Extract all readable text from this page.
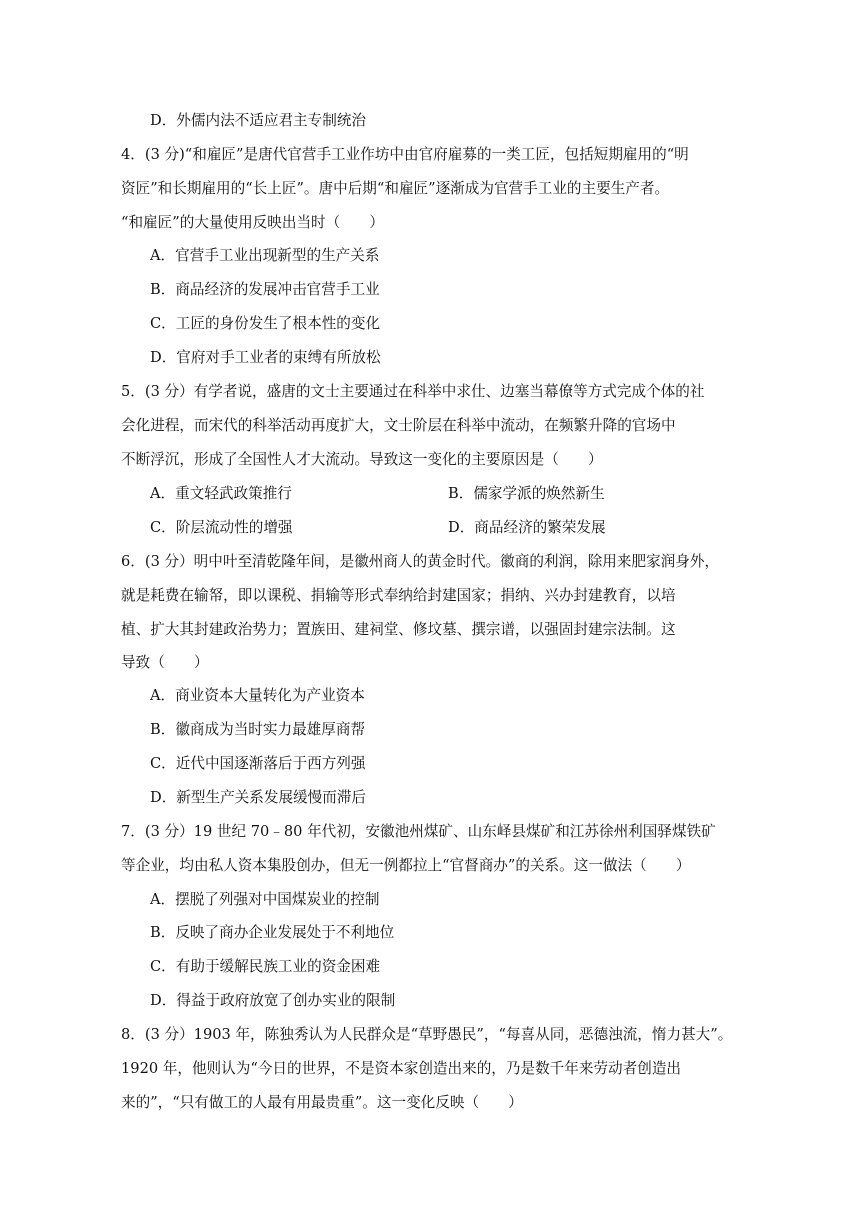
D．外儒内法不适应君主专制统治
4．(3 分)“和雇匠”是唐代官营手工业作坊中由官府雇募的一类工匠，包括短期雇用的“明
资匠”和长期雇用的“长上匠”。唐中后期“和雇匠”逐渐成为官营手工业的主要生产者。
“和雇匠”的大量使用反映出当时（　　）
A．官营手工业出现新型的生产关系
B．商品经济的发展冲击官营手工业
C．工匠的身份发生了根本性的变化
D．官府对手工业者的束缚有所放松
5．(3 分）有学者说，盛唐的文士主要通过在科举中求仕、边塞当幕僚等方式完成个体的社
会化进程，而宋代的科举活动再度扩大，文士阶层在科举中流动，在频繁升降的官场中
不断浮沉，形成了全国性人才大流动。导致这一变化的主要原因是（　　）
A．重文轻武政策推行	B．儒家学派的焕然新生
C．阶层流动性的增强	D．商品经济的繁荣发展
6．(3 分）明中叶至清乾隆年间，是徽州商人的黄金时代。徽商的利润，除用来肥家润身外，
就是耗费在输帑，即以课税、捐输等形式奉纳给封建国家；捐纳、兴办封建教育，以培
植、扩大其封建政治势力；置族田、建祠堂、修坟墓、撰宗谱，以强固封建宗法制。这
导致（　　）
A．商业资本大量转化为产业资本
B．徽商成为当时实力最雄厚商帮
C．近代中国逐渐落后于西方列强
D．新型生产关系发展缓慢而滞后
7．(3 分）19 世纪 70﹣80 年代初，安徽池州煤矿、山东峄县煤矿和江苏徐州利国驿煤铁矿
等企业，均由私人资本集股创办，但无一例都拉上“官督商办”的关系。这一做法（　　）
A．摆脱了列强对中国煤炭业的控制
B．反映了商办企业发展处于不利地位
C．有助于缓解民族工业的资金困难
D．得益于政府放宽了创办实业的限制
8．(3 分）1903 年，陈独秀认为人民群众是“草野愚民”，“每喜从同，恶德浊流，惰力甚大”。
1920 年，他则认为“今日的世界，不是资本家创造出来的，乃是数千年来劳动者创造出
来的”，“只有做工的人最有用最贵重”。这一变化反映（　　）
